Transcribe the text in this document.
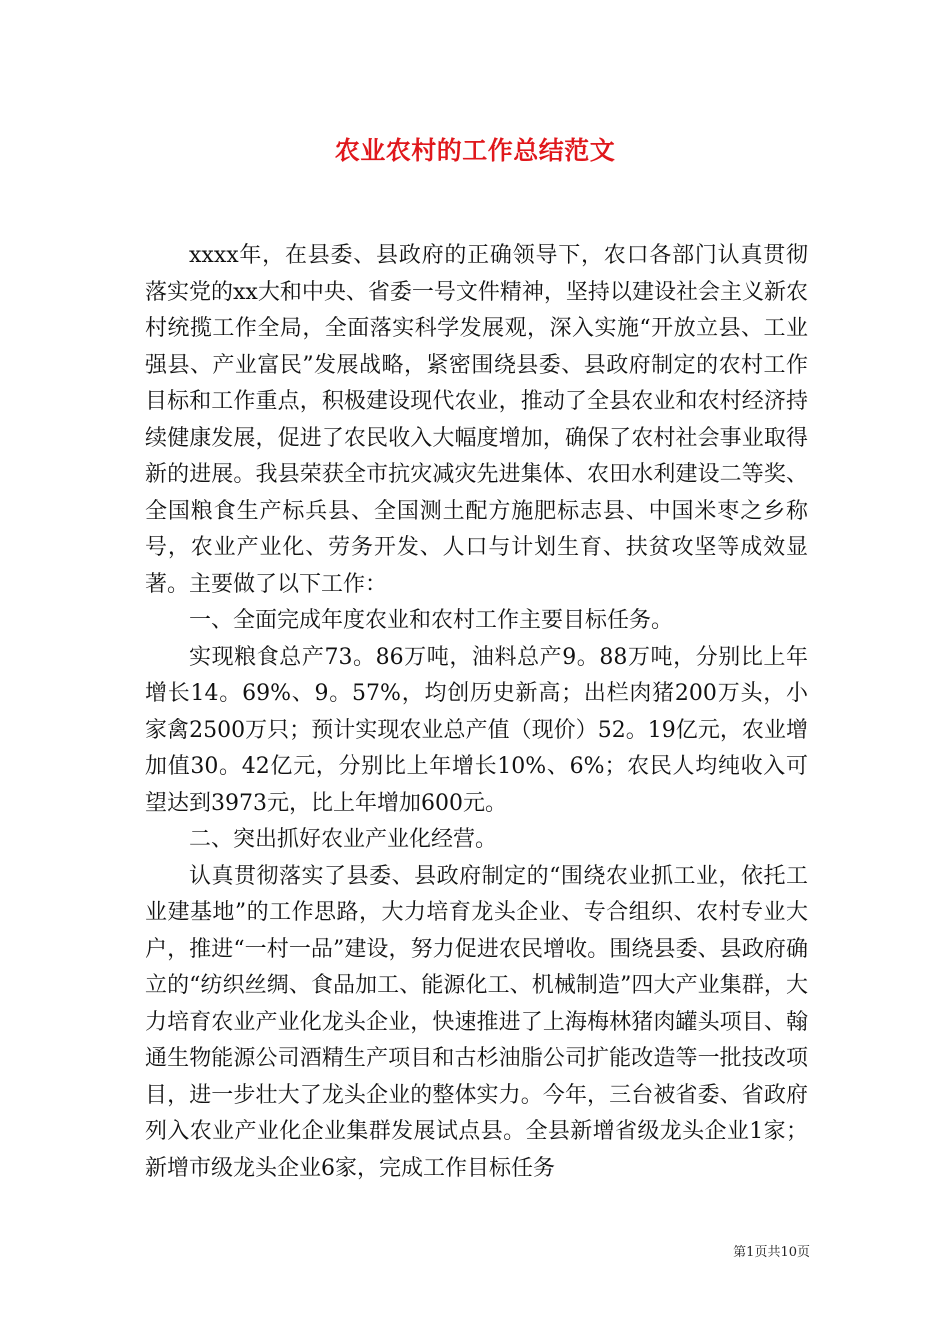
农业农村的工作总结范文

xxxx年，在县委、县政府的正确领导下，农口各部门认真贯彻落实党的xx大和中央、省委一号文件精神，坚持以建设社会主义新农村统揽工作全局，全面落实科学发展观，深入实施“开放立县、工业强县、产业富民”发展战略，紧密围绕县委、县政府制定的农村工作目标和工作重点，积极建设现代农业，推动了全县农业和农村经济持续健康发展，促进了农民收入大幅度增加，确保了农村社会事业取得新的进展。我县荣获全市抗灾减灾先进集体、农田水利建设二等奖、全国粮食生产标兵县、全国测土配方施肥标志县、中国米枣之乡称号，农业产业化、劳务开发、人口与计划生育、扶贫攻坚等成效显著。主要做了以下工作：

一、全面完成年度农业和农村工作主要目标任务。

实现粮食总产73。86万吨，油料总产9。88万吨，分别比上年增长14。69%、9。57%，均创历史新高；出栏肉猪200万头，小家禽2500万只；预计实现农业总产值（现价）52。19亿元，农业增加值30。42亿元，分别比上年增长10%、6%；农民人均纯收入可望达到3973元，比上年增加600元。

二、突出抓好农业产业化经营。

认真贯彻落实了县委、县政府制定的“围绕农业抓工业，依托工业建基地”的工作思路，大力培育龙头企业、专合组织、农村专业大户，推进“一村一品”建设，努力促进农民增收。围绕县委、县政府确立的“纺织丝绸、食品加工、能源化工、机械制造”四大产业集群，大力培育农业产业化龙头企业，快速推进了上海梅林猪肉罐头项目、翰通生物能源公司酒精生产项目和古杉油脂公司扩能改造等一批技改项目，进一步壮大了龙头企业的整体实力。今年，三台被省委、省政府列入农业产业化企业集群发展试点县。全县新增省级龙头企业1家；新增市级龙头企业6家，完成工作目标任务

第1页共10页
